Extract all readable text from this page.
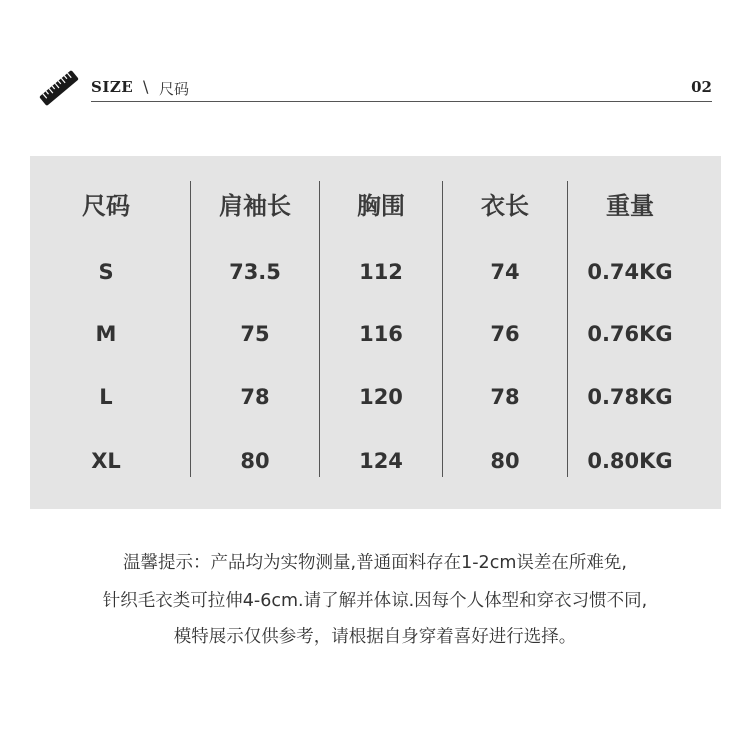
SIZE \ 尺码	02
尺码
S
M
L
XL
肩袖长
73.5
75
78
80
胸围
112
116
120
124
衣长
74
76
78
80
重量
0.74KG
0.76KG
0.78KG
0.80KG
温馨提示：产品均为实物测量,普通面料存在1-2cm误差在所难免,
针织毛衣类可拉伸4-6cm.请了解并体谅.因每个人体型和穿衣习惯不同,
模特展示仅供参考，请根据自身穿着喜好进行选择。
